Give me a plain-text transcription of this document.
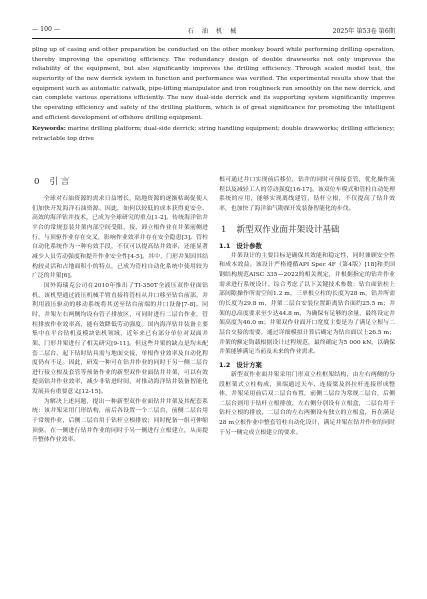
— 100 —	石 油 机 械	2025年 第53卷 第6期

pling up of casing and other preparation be conducted on the other monkey board while performing drilling operation, thereby improving the operating efficiency. The redundancy design of double drawworks not only improves the reliability of the equipment, but also significantly improves the drilling efficiency. Through scaled model test, the superiority of the new derrick system in function and performance was verified. The experimental results show that the equipment such as automatic catwalk, pipe-lifting manipulator and iron roughneck run smoothly on the new derrick, and can complete various operations efficiently. The new dual-side derrick and its supporting system significantly improve the operating efficiency and safety of the drilling platform, which is of great significance for promoting the intelligent and efficient development of offshore drilling equipment.

Keywords: marine drilling platform; dual-side derrick; string handling equipment; double drawworks; drilling efficiency; retractable top drive

0 引 言

全球对石油资源的需求日益增长，陆地资源的逐渐枯竭促使人们加快开发海洋石油资源。因此，如何以较低的成本获得更安全、高效的海洋钻井技术，已成为全球研究的重点[1-2]。传统海洋钻井平台的常规套装井架内部空间受限，接、卸立根作业在井架前侧进行，与顶驱作业存在交叉，影响作业效率并存在安全隐患[3]。管柱自动化系统作为一种有效手段，不仅可以提高钻井效率，还能显著减少人员劳动强度和提升作业安全性[4-5]。其中，门形井架因其结构较灵活和占地面积小的特点，已成为管柱自动化系统中使用较为广泛的井架[6]。

国外海瑞克公司在2010年推出了TI-350T全液压双作业面钻机，该机型通过液压机械手臂直接将管柱从井口移至钻台前部，并利用液压驱动的移动系统将其送至钻台前端的井口设备[7-8]。同时，井架左右两侧均设有管子排放区，可同时进行二层台作业，管柱排放作业效率高，能有效降低劳动强度。国内海洋钻井装备主要集中在平台钻机及模块钻机领域，近年来已有部分单位对双面井架、门形井架进行了相关研究[9-11]。但这些井架的缺点是均未配套二层台，起下钻时钻具需与地面交接，单根作业效率及自动化程度仍有不足。因此，研发一种可在钻井作业的同时于另一侧二层台进行接立根及套管等预备作业的新型双作业面钻井井架，可以有效提高钻井作业效率，减少非钻进时间，对推动海洋钻井装备智能化发展具有重要意义[12-15]。

为解决上述问题，提出一种新型双作业面钻井井架及其配套系统：该井架采用门形结构，前后各设置一个二层台，前侧二层台用于常规作业，后侧二层台用于钻杆立根排放；同时配备一组可伸缩顶驱，在一侧进行钻井作业的同时于另一侧进行立根建立，从而提升整体作业效率。

根可通过井口实现前后移位，钻井的同时可预接套管，优化操作流程以及减轻工人的劳动强度[16-17]。该双位车模式和管柱自动处理系统的应用，能够实现离线建管，钻杆立根，不仅提高了钻井效率，也加快了海洋油气勘探开发装备智能化的步伐。

1 新型双作业面井架设计基础
1.1 设计参数

井架设计的主要目标是确保其效能和稳定性，同时兼顾安全性和成本效益。该设计严格遵循API Spec 4F（第4版）[18]和美国钢结构规范AISC 335—2022的相关规定，并根据指定的钻井作业需求进行系统设计。综合考虑了以下关键技术参数：钻台面钻柱上部间隙操作所需空间1.2 m，三单根立柱的长度为28 m，钻井所需的长度为29.8 m，井架二层台安装位置距离钻台面约25.5 m；井架的总高度要求至少达44.8 m，为确保有足够的余量，最终设定井架高度为46.0 m；井架双作业面开口宽度主要是为了满足立根与二层台交接的需要，通过详细模拟计算后确定为钻台面以上26.5 m；井架的额定钩载根据设计过程规范，最终确定为5 000 kN，以确保井架能够满足当前及未来的作业需求。

1.2 设计方案

新型双作业面井架采用门形双立柱框架结构，由左右两侧的分段框架式立柱构成，顶端通过天车、连接梁及斜拉杆连接形成整体，井架采用前后双二层台布置，前侧二层台为常规二层台，后侧二层台则用于钻杆立根排放，左右侧分别设有立根盒，二层台用于钻杆立根的排放，二层台的左右两侧设有独立的立根盒，旨在满足28 m立根作业中整套管柱自动化设计，满足井架在钻井作业的同时于另一侧完成立根建立的要求。
